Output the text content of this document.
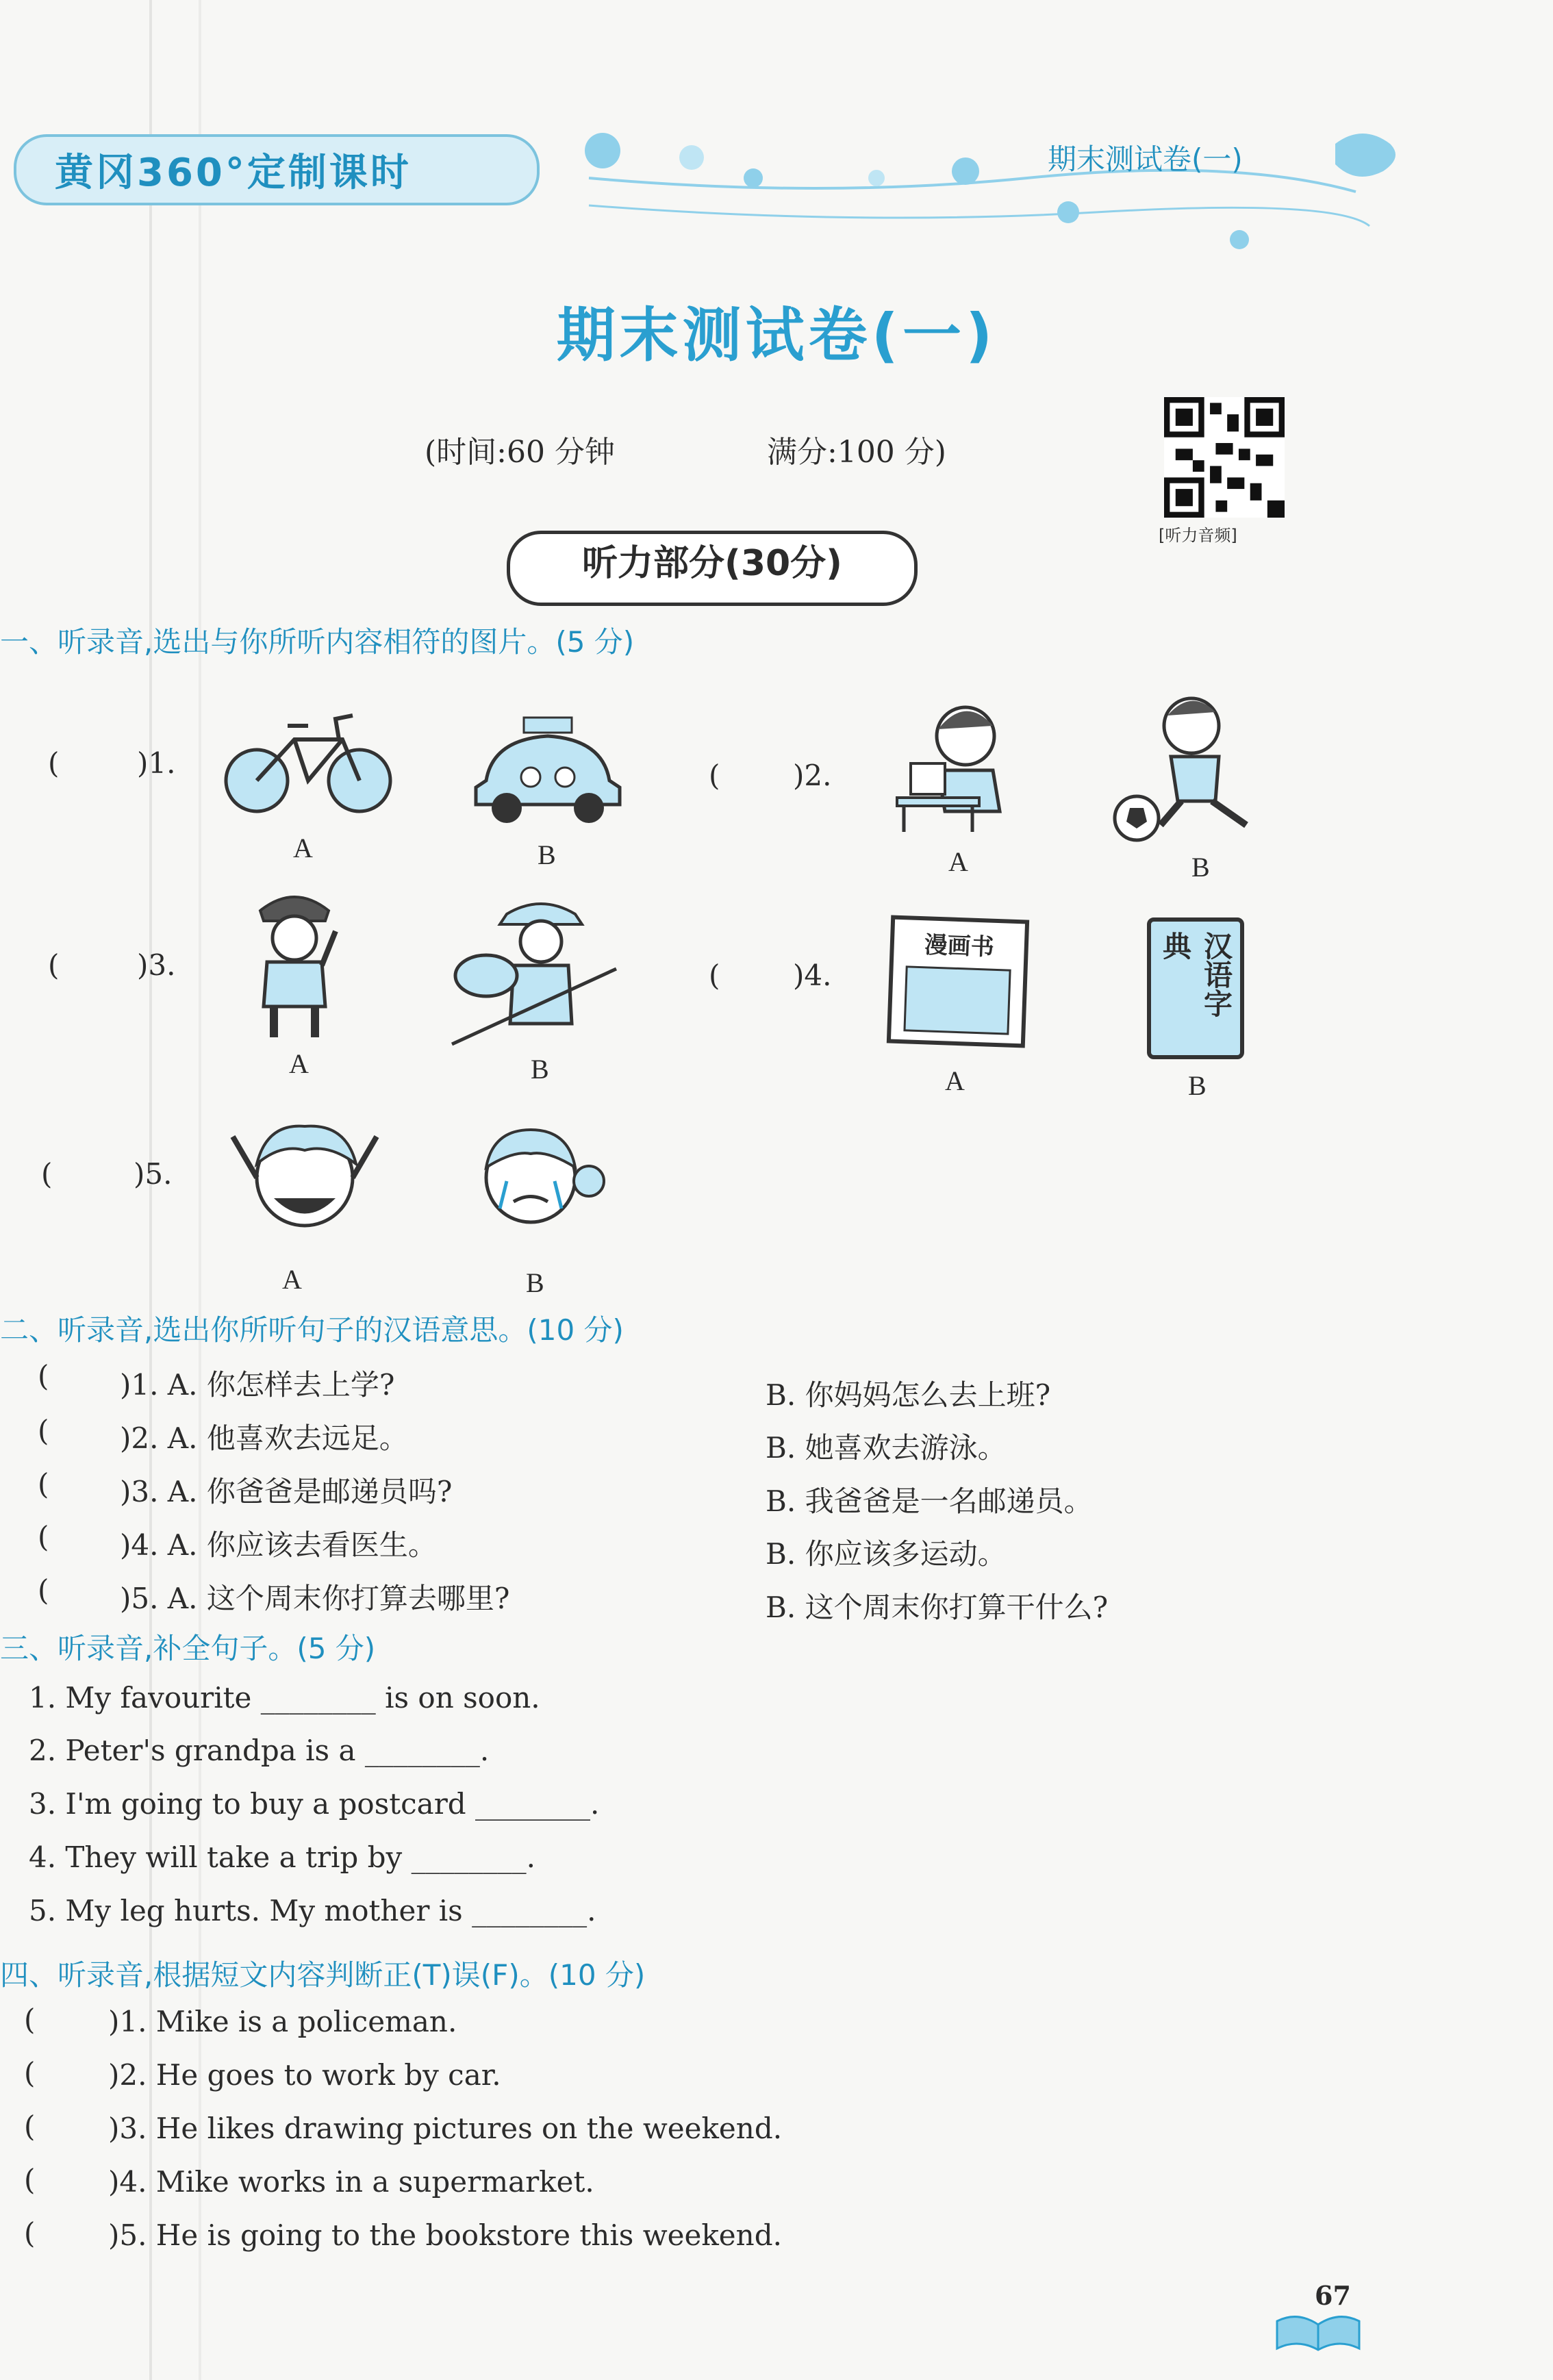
黄冈360°定制课时	期末测试卷(一)
期末测试卷(一)
(时间:60 分钟	满分:100 分)
[听力音频]
听力部分(30分)
一、听录音,选出与你所听内容相符的图片。(5 分)
(	)1.
A	B
(	)2.
A	B
(	)3.
A	B
(	)4.
漫画书
A
汉语字典
B
(	)5.
A	B
二、听录音,选出你所听句子的汉语意思。(10 分)
( )1. A. 你怎样去上学?	B. 你妈妈怎么去上班?
( )2. A. 他喜欢去远足。	B. 她喜欢去游泳。
( )3. A. 你爸爸是邮递员吗?	B. 我爸爸是一名邮递员。
( )4. A. 你应该去看医生。	B. 你应该多运动。
( )5. A. 这个周末你打算去哪里?	B. 这个周末你打算干什么?
三、听录音,补全句子。(5 分)
1. My favourite ________ is on soon.
2. Peter's grandpa is a ________.
3. I'm going to buy a postcard ________.
4. They will take a trip by ________.
5. My leg hurts. My mother is ________.
四、听录音,根据短文内容判断正(T)误(F)。(10 分)
(	)1. Mike is a policeman.
(	)2. He goes to work by car.
(	)3. He likes drawing pictures on the weekend.
(	)4. Mike works in a supermarket.
(	)5. He is going to the bookstore this weekend.
67
